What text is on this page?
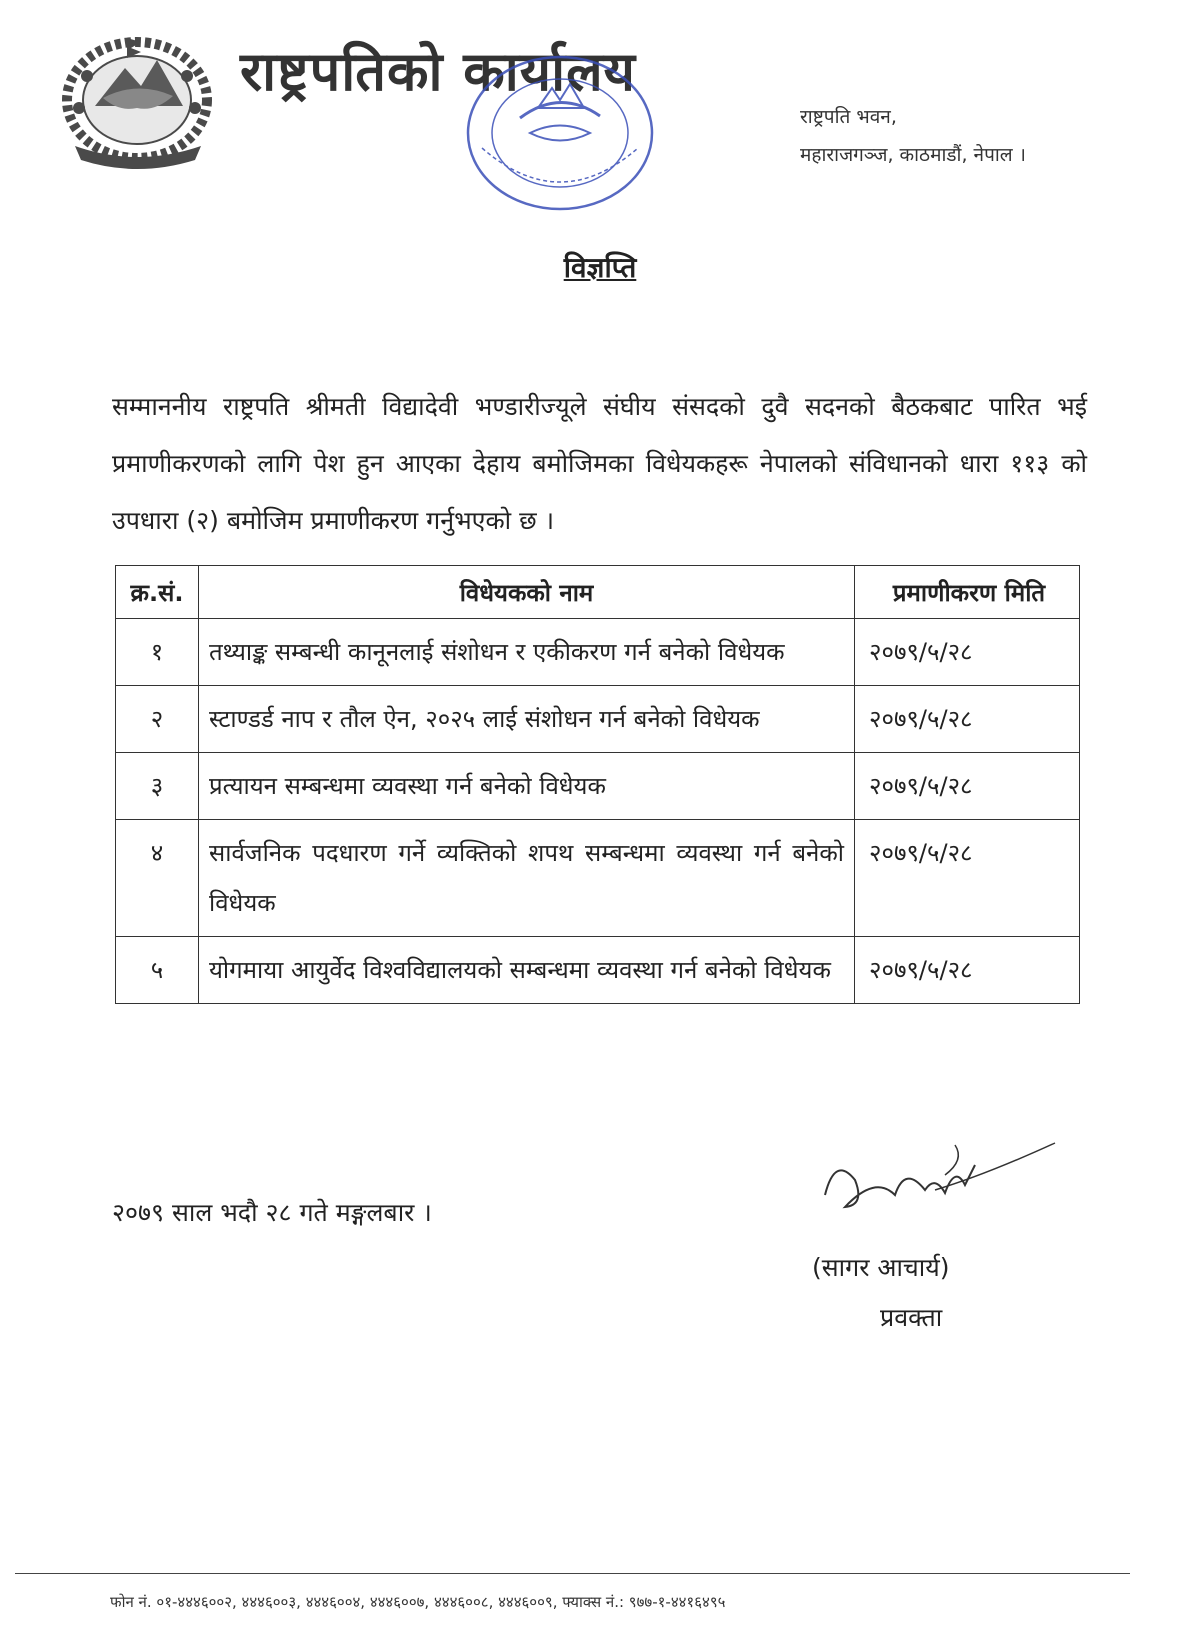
राष्ट्रपतिको कार्यालय
राष्ट्रपति भवन,
महाराजगञ्ज, काठमाडौं, नेपाल ।
विज्ञप्ति
सम्माननीय राष्ट्रपति श्रीमती विद्यादेवी भण्डारीज्यूले संघीय संसदको दुवै सदनको बैठकबाट पारित भई प्रमाणीकरणको लागि पेश हुन आएका देहाय बमोजिमका विधेयकहरू नेपालको संविधानको धारा ११३ को उपधारा (२) बमोजिम प्रमाणीकरण गर्नुभएको छ ।
क्र.सं.	विधेयकको नाम	प्रमाणीकरण मिति
१	तथ्याङ्क सम्बन्धी कानूनलाई संशोधन र एकीकरण गर्न बनेको विधेयक	२०७९/५/२८
२	स्टाण्डर्ड नाप र तौल ऐन, २०२५ लाई संशोधन गर्न बनेको विधेयक	२०७९/५/२८
३	प्रत्यायन सम्बन्धमा व्यवस्था गर्न बनेको विधेयक	२०७९/५/२८
४	सार्वजनिक पदधारण गर्ने व्यक्तिको शपथ सम्बन्धमा व्यवस्था गर्न बनेको विधेयक	२०७९/५/२८
५	योगमाया आयुर्वेद विश्वविद्यालयको सम्बन्धमा व्यवस्था गर्न बनेको विधेयक	२०७९/५/२८
२०७९ साल भदौ २८ गते मङ्गलबार ।
(सागर आचार्य)
प्रवक्ता
फोन नं. ०१-४४४६००२, ४४४६००३, ४४४६००४, ४४४६००७, ४४४६००८, ४४४६००९, फ्याक्स नं.: ९७७-१-४४१६४९५
